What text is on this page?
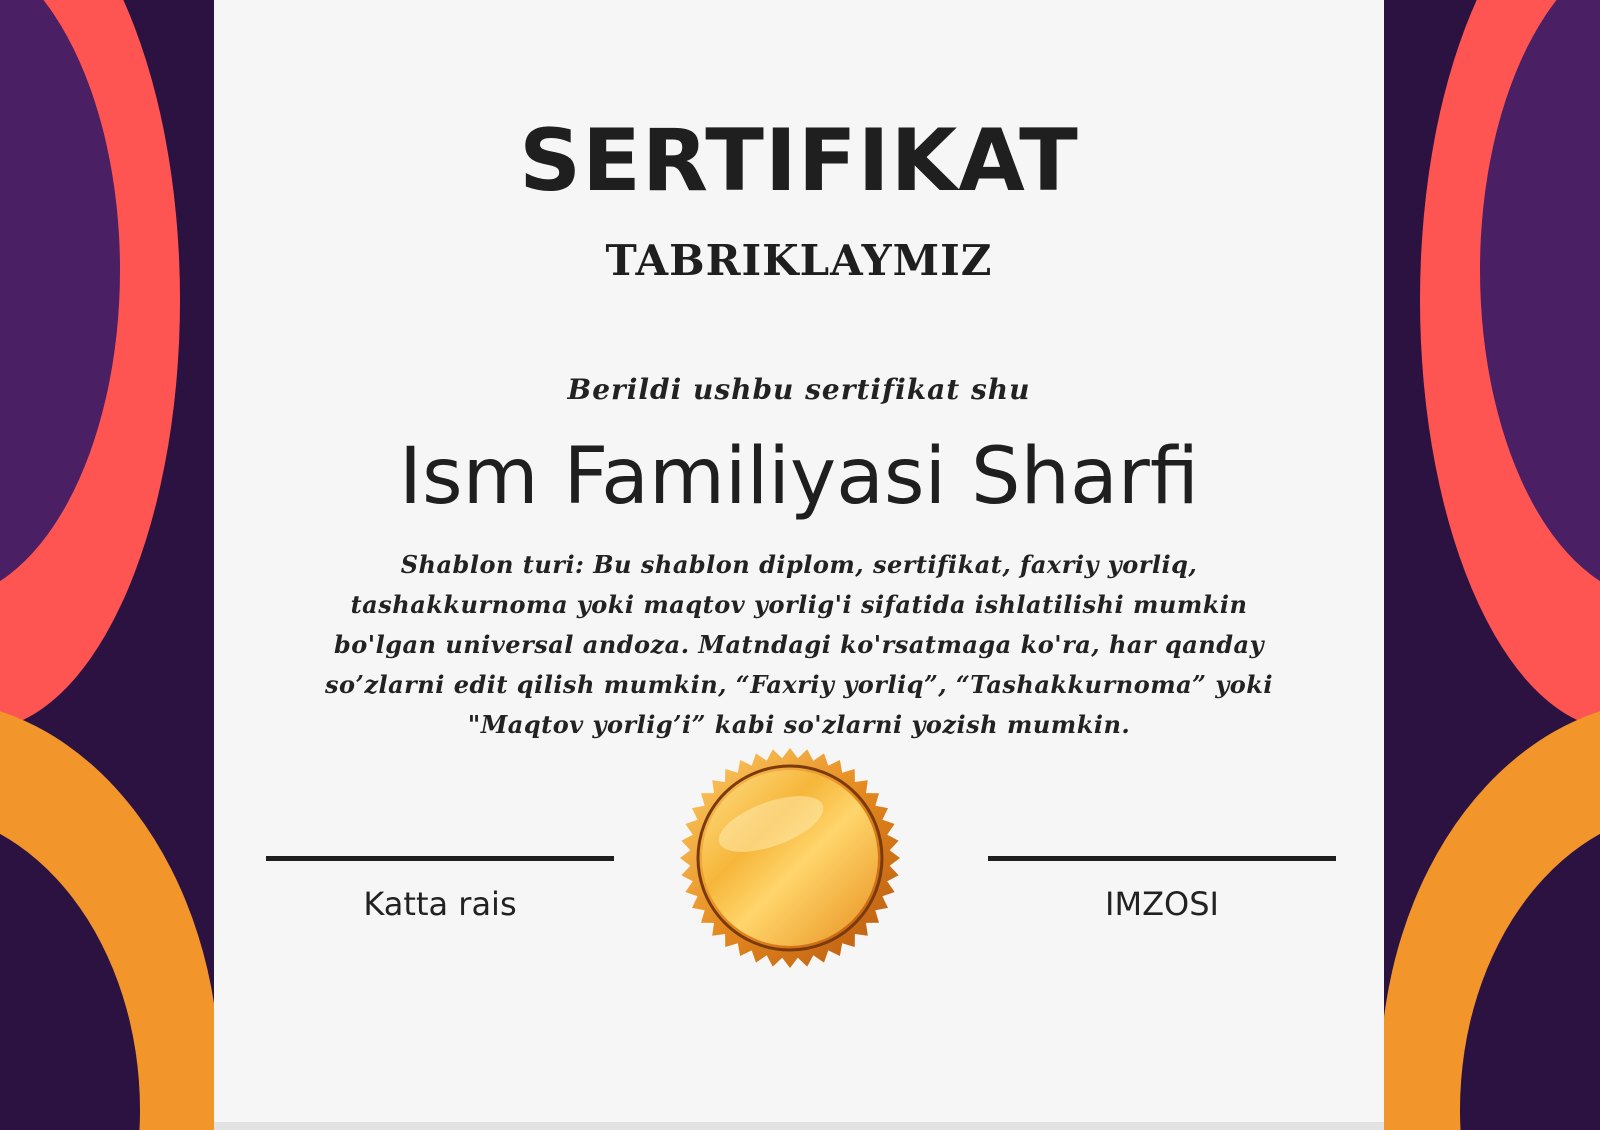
SERTIFIKAT
TABRIKLAYMIZ
Berildi ushbu sertifikat shu
Ism Familiyasi Sharfi
Shablon turi: Bu shablon diplom, sertifikat, faxriy yorliq,
tashakkurnoma yoki maqtov yorlig'i sifatida ishlatilishi mumkin
bo'lgan universal andoza. Matndagi ko'rsatmaga ko'ra, har qanday
so’zlarni edit qilish mumkin, “Faxriy yorliq”, “Tashakkurnoma” yoki
"Maqtov yorlig’i” kabi so'zlarni yozish mumkin.
Katta rais	IMZOSI
